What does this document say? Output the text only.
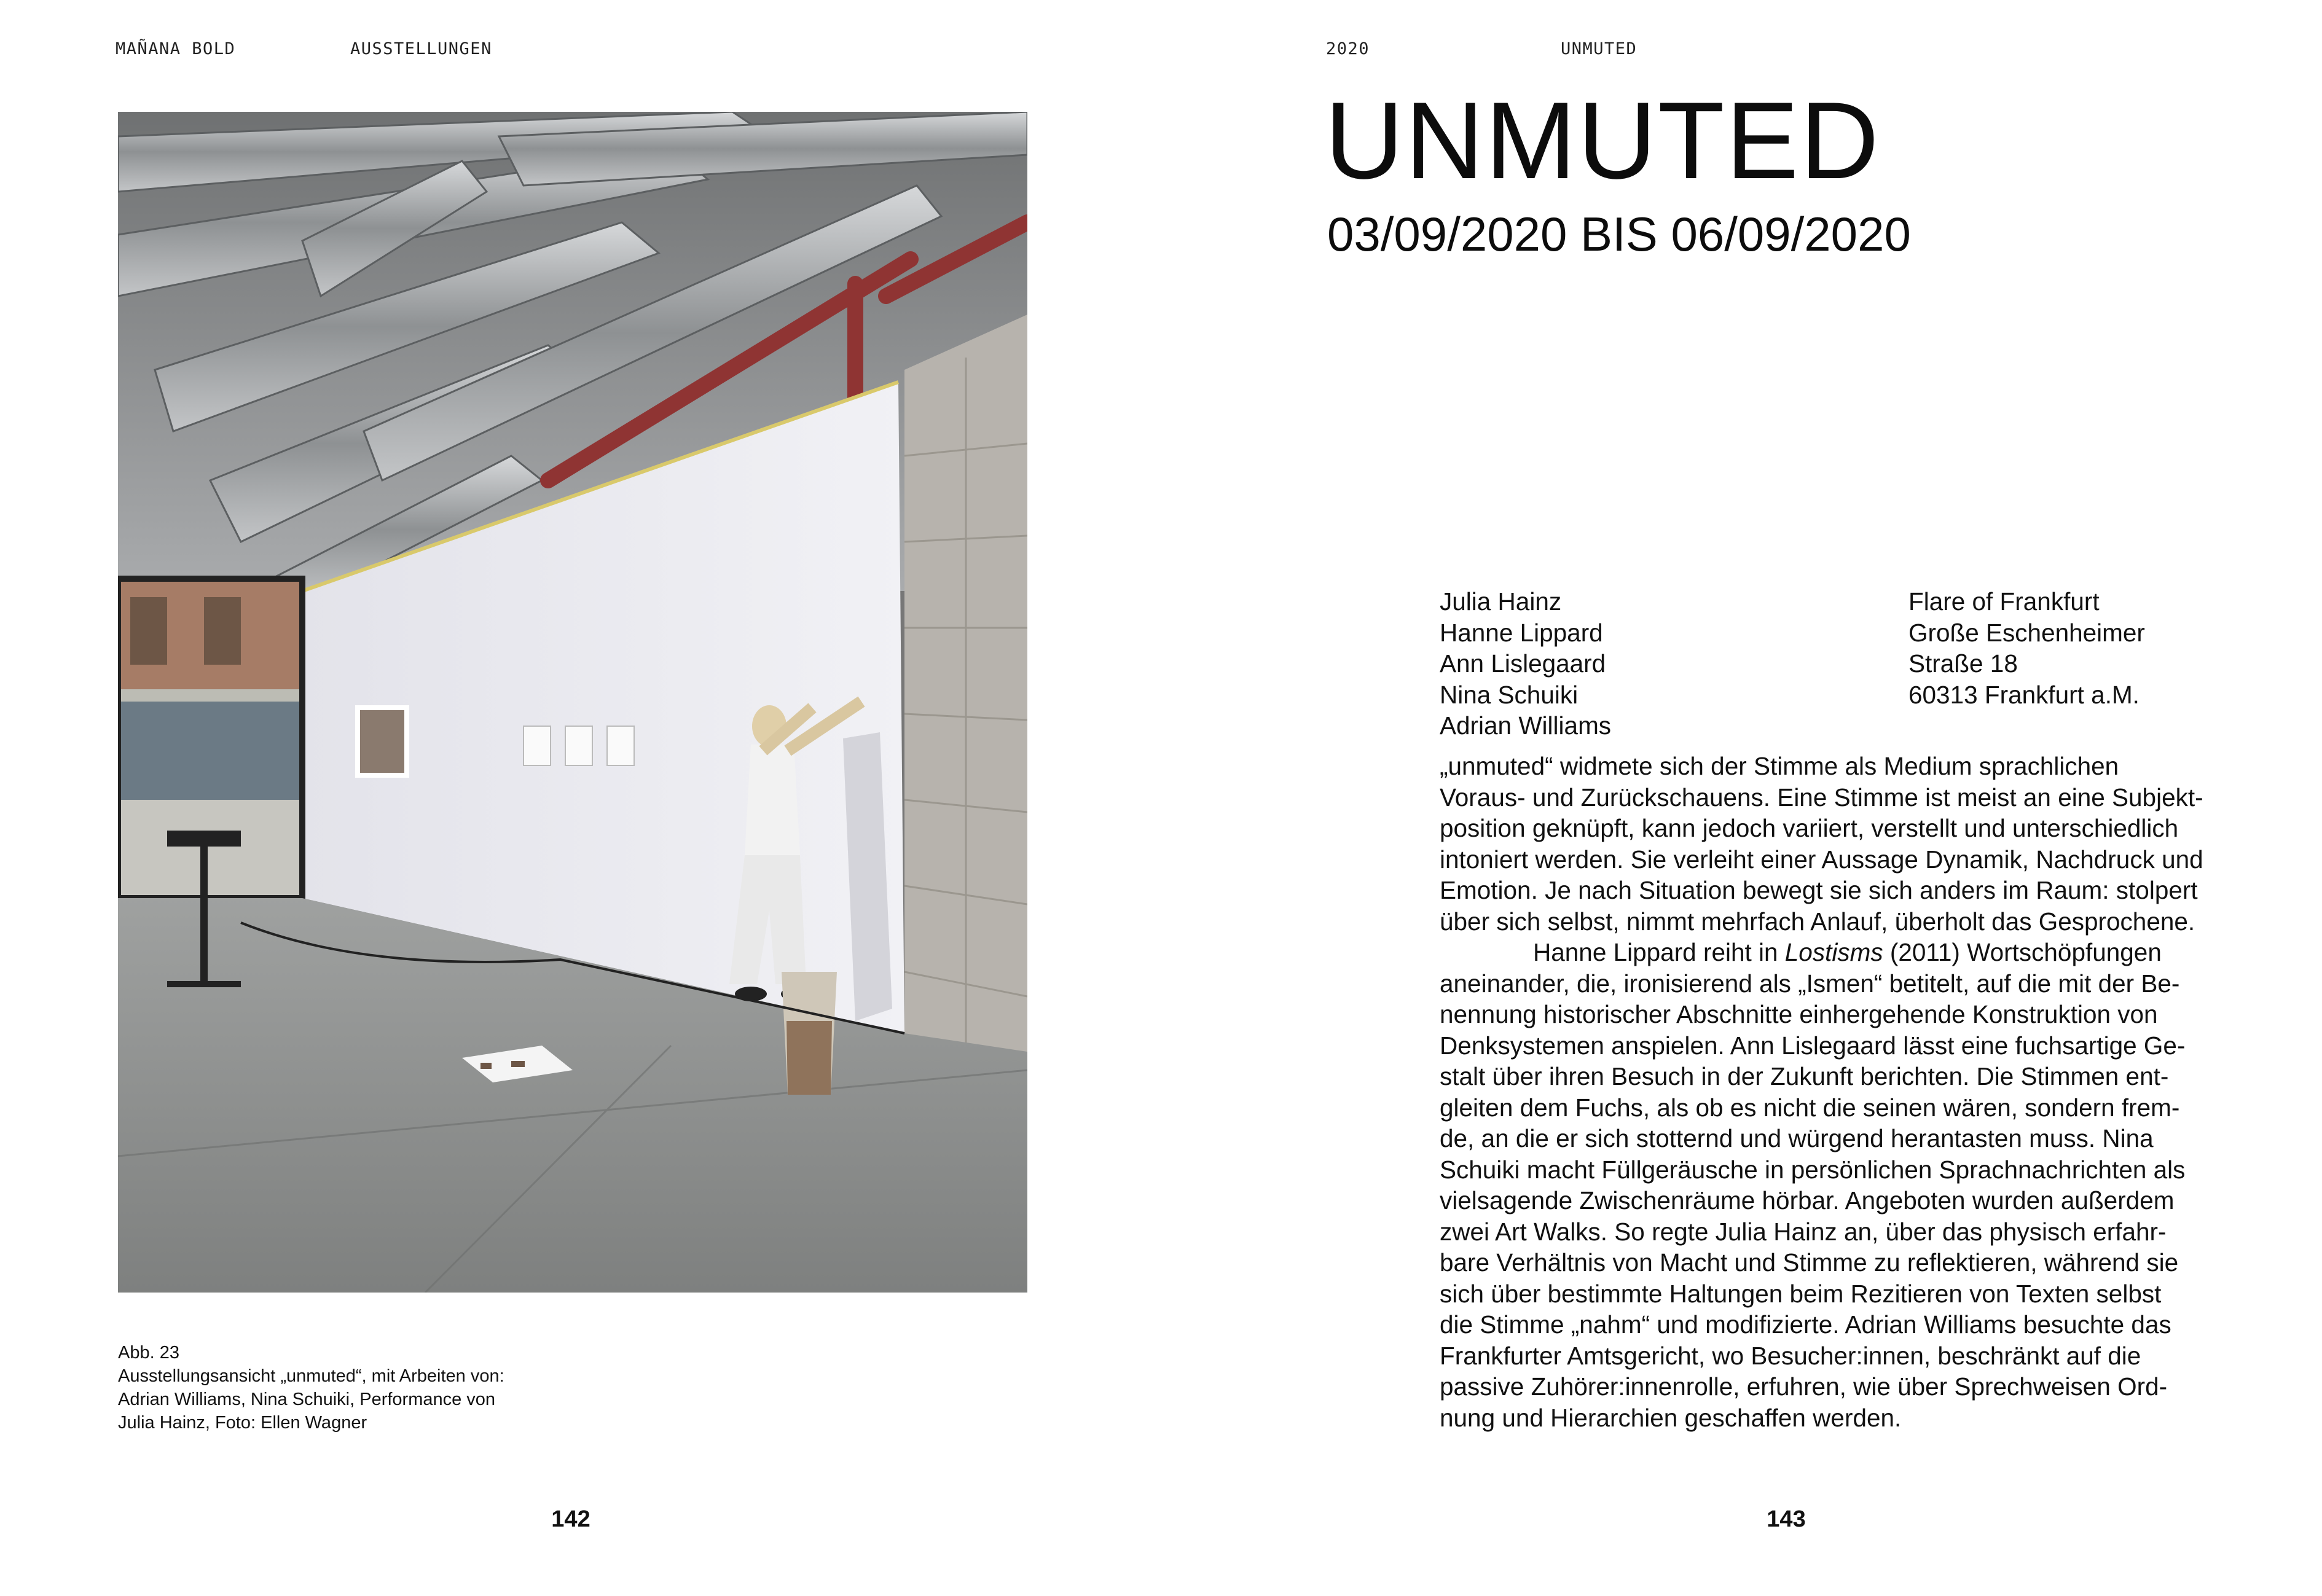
MAÑANA BOLD	AUSSTELLUNGEN
Abb. 23
Ausstellungsansicht „unmuted“, mit Arbeiten von:
Adrian Williams, Nina Schuiki, Performance von
Julia Hainz, Foto: Ellen Wagner
142
2020	UNMUTED
UNMUTED
03/09/2020 BIS 06/09/2020
Julia Hainz
Hanne Lippard
Ann Lislegaard
Nina Schuiki
Adrian Williams
Flare of Frankfurt
Große Eschenheimer
Straße 18
60313 Frankfurt a.M.
„unmuted“ widmete sich der Stimme als Medium sprachlichen
Voraus- und Zurückschauens. Eine Stimme ist meist an eine Subjekt-
position geknüpft, kann jedoch variiert, verstellt und unterschiedlich
intoniert werden. Sie verleiht einer Aussage Dynamik, Nachdruck und
Emotion. Je nach Situation bewegt sie sich anders im Raum: stolpert
über sich selbst, nimmt mehrfach Anlauf, überholt das Gesprochene.
Hanne Lippard reiht in Lostisms (2011) Wortschöpfungen
aneinander, die, ironisierend als „Ismen“ betitelt, auf die mit der Be-
nennung historischer Abschnitte einhergehende Konstruktion von
Denksystemen anspielen. Ann Lislegaard lässt eine fuchsartige Ge-
stalt über ihren Besuch in der Zukunft berichten. Die Stimmen ent-
gleiten dem Fuchs, als ob es nicht die seinen wären, sondern frem-
de, an die er sich stotternd und würgend herantasten muss. Nina
Schuiki macht Füllgeräusche in persönlichen Sprachnachrichten als
vielsagende Zwischenräume hörbar. Angeboten wurden außerdem
zwei Art Walks. So regte Julia Hainz an, über das physisch erfahr-
bare Verhältnis von Macht und Stimme zu reflektieren, während sie
sich über bestimmte Haltungen beim Rezitieren von Texten selbst
die Stimme „nahm“ und modifizierte. Adrian Williams besuchte das
Frankfurter Amtsgericht, wo Besucher:innen, beschränkt auf die
passive Zuhörer:innenrolle, erfuhren, wie über Sprechweisen Ord-
nung und Hierarchien geschaffen werden.
143
